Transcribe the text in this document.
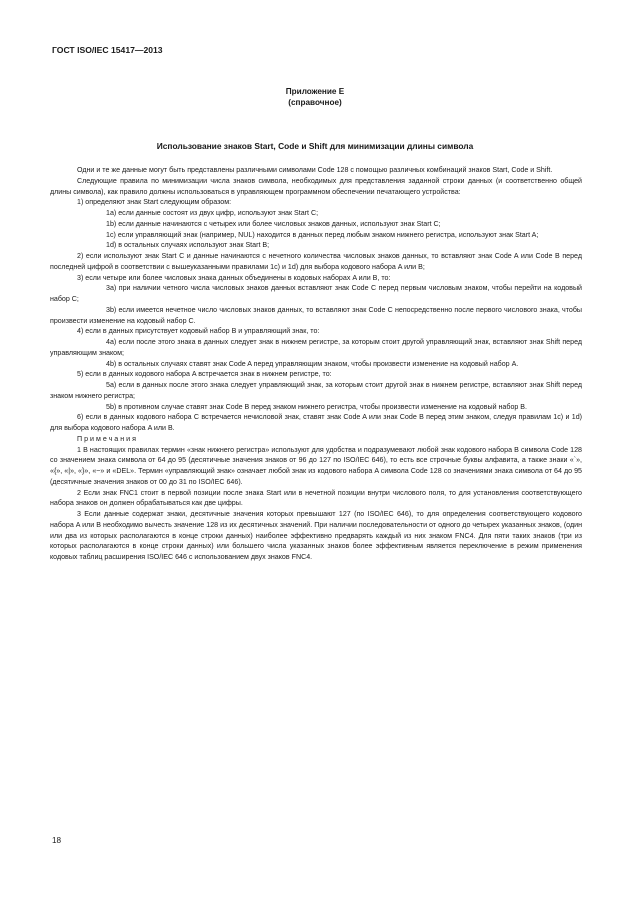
ГОСТ ISO/IEC 15417—2013
Приложение Е
(справочное)
Использование знаков Start, Code и Shift для минимизации длины символа

Одни и те же данные могут быть представлены различными символами Code 128 с помощью различных комбинаций знаков Start, Code и Shift.

Следующие правила по минимизации числа знаков символа, необходимых для представления заданной строки данных (и соответственно общей длины символа), как правило должны использоваться в управляющем программном обеспечении печатающего устройства:

1) определяют знак Start следующим образом:

1а) если данные состоят из двух цифр, используют знак Start C;

1b) если данные начинаются с четырех или более числовых знаков данных, используют знак Start C;

1c) если управляющий знак (например, NUL) находится в данных перед любым знаком нижнего регистра, используют знак Start A;

1d) в остальных случаях используют знак Start B;

2) если используют знак Start C и данные начинаются с нечетного количества числовых знаков данных, то вставляют знак Code A или Code B перед последней цифрой в соответствии с вышеуказанными правилами 1c) и 1d) для выбора кодового набора A или B;

3) если четыре или более числовых знака данных объединены в кодовых наборах A или B, то:

3а) при наличии четного числа числовых знаков данных вставляют знак Code C перед первым числовым знаком, чтобы перейти на кодовый набор C;

3b) если имеется нечетное число числовых знаков данных, то вставляют знак Code C непосредственно после первого числового знака, чтобы произвести изменение на кодовый набор C.

4) если в данных присутствует кодовый набор B и управляющий знак, то:

4а) если после этого знака в данных следует знак в нижнем регистре, за которым стоит другой управляющий знак, вставляют знак Shift перед управляющим знаком;

4b) в остальных случаях ставят знак Code A перед управляющим знаком, чтобы произвести изменение на кодовый набор A.

5) если в данных кодового набора A встречается знак в нижнем регистре, то:

5а) если в данных после этого знака следует управляющий знак, за которым стоит другой знак в нижнем регистре, вставляют знак Shift перед знаком нижнего регистра;

5b) в противном случае ставят знак Code B перед знаком нижнего регистра, чтобы произвести изменение на кодовый набор B.

6) если в данных кодового набора C встречается нечисловой знак, ставят знак Code A или знак Code B перед этим знаком, следуя правилам 1c) и 1d) для выбора кодового набора A или B.

Примечания

1 В настоящих правилах термин «знак нижнего регистра» используют для удобства и подразумевают любой знак кодового набора B символа Code 128 со значением знака символа от 64 до 95 (десятичные значения знаков от 96 до 127 по ISO/IEC 646), то есть все строчные буквы алфавита, а также знаки «`», «{», «|», «}», «~» и «DEL». Термин «управляющий знак» означает любой знак из кодового набора A символа Code 128 со значениями знака символа от 64 до 95 (десятичные значения знаков от 00 до 31 по ISO/IEC 646).

2 Если знак FNC1 стоит в первой позиции после знака Start или в нечетной позиции внутри числового поля, то для установления соответствующего набора знаков он должен обрабатываться как две цифры.

3 Если данные содержат знаки, десятичные значения которых превышают 127 (по ISO/IEC 646), то для определения соответствующего кодового набора A или B необходимо вычесть значение 128 из их десятичных значений. При наличии последовательности от одного до четырех указанных знаков, (один или два из которых располагаются в конце строки данных) наиболее эффективно предварять каждый из них знаком FNC4. Для пяти таких знаков (три из которых располагаются в конце строки данных) или большего числа указанных знаков более эффективным является переключение в режим применения кодовых таблиц расширения ISO/IEC 646 с использованием двух знаков FNC4.

18
